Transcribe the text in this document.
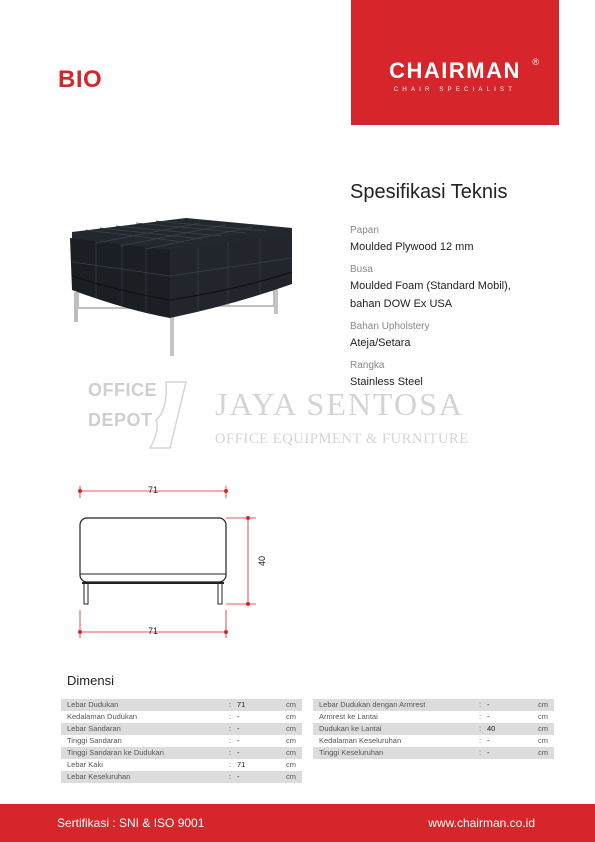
BIO	CHAIRMAN	®
CHAIR SPECIALIST
Spesifikasi Teknis
Papan
Moulded Plywood 12 mm
Busa
Moulded Foam (Standard Mobil),
bahan DOW Ex USA
Bahan Upholstery
Ateja/Setara
Rangka
Stainless Steel
OFFICE
DEPOT JAYA SENTOSA
OFFICE EQUIPMENT & FURNITURE
71
40
71
Dimensi
Lebar Dudukan	: 71	cm
Kedalaman Dudukan	: -	cm
Lebar Sandaran	: -	cm
Tinggi Sandaran	: -	cm
Tinggi Sandaran ke Dudukan	: -	cm
Lebar Kaki	: 71	cm
Lebar Keseluruhan	: -	cm
Lebar Dudukan dengan Armrest	: -	cm
Armrest ke Lantai	: -	cm
Dudukan ke Lantai	: 40	cm
Kedalaman Keseluruhan	: -	cm
Tinggi Keseluruhan	: -	cm
Sertifikasi : SNI & ISO 9001	www.chairman.co.id
